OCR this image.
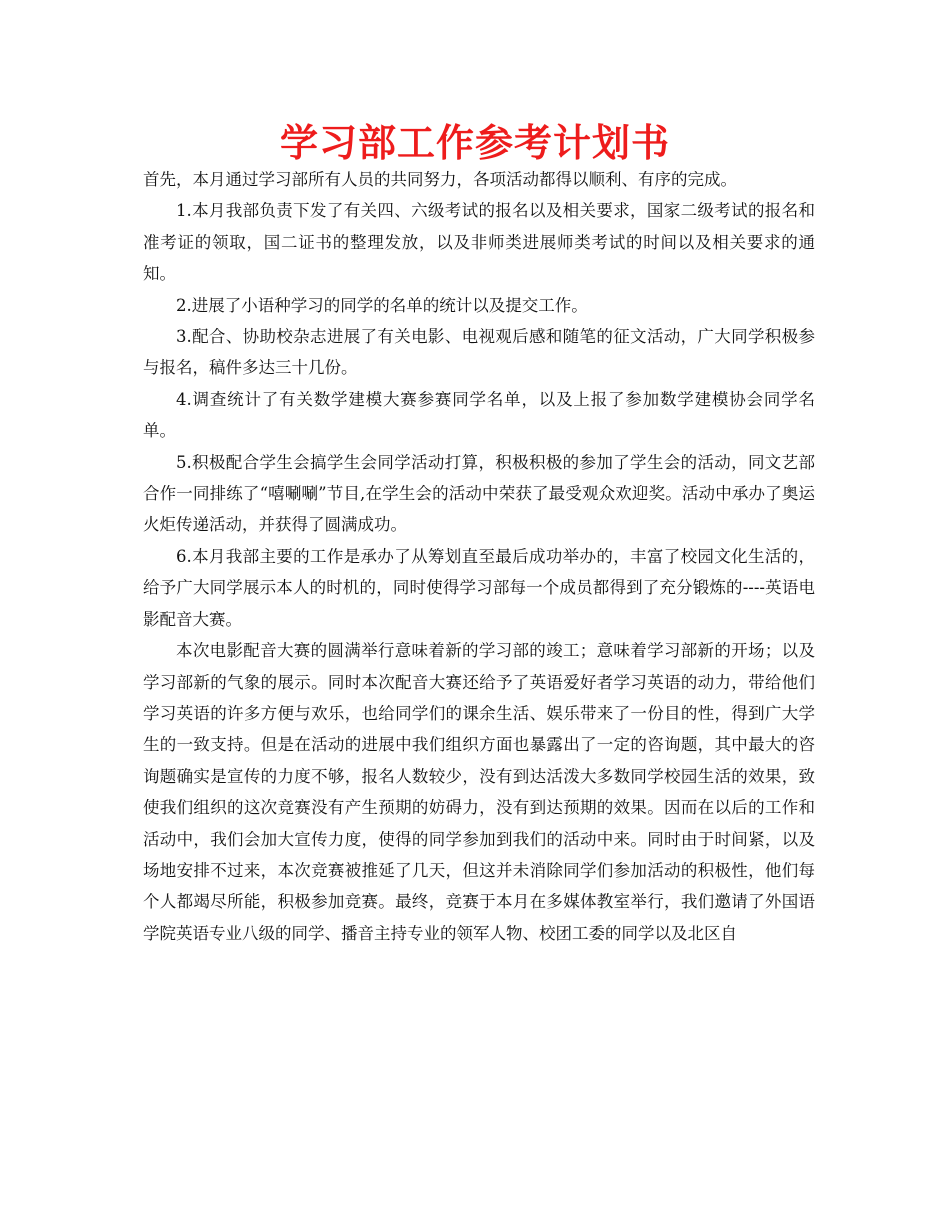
学习部工作参考计划书

首先，本月通过学习部所有人员的共同努力，各项活动都得以顺利、有序的完成。

1.本月我部负责下发了有关四、六级考试的报名以及相关要求，国家二级考试的报名和准考证的领取，国二证书的整理发放，以及非师类进展师类考试的时间以及相关要求的通知。

2.进展了小语种学习的同学的名单的统计以及提交工作。

3.配合、协助校杂志进展了有关电影、电视观后感和随笔的征文活动，广大同学积极参与报名，稿件多达三十几份。

4.调查统计了有关数学建模大赛参赛同学名单，以及上报了参加数学建模协会同学名单。

5.积极配合学生会搞学生会同学活动打算，积极积极的参加了学生会的活动，同文艺部合作一同排练了“嘻唰唰”节目,在学生会的活动中荣获了最受观众欢迎奖。活动中承办了奥运火炬传递活动，并获得了圆满成功。

6.本月我部主要的工作是承办了从筹划直至最后成功举办的，丰富了校园文化生活的，给予广大同学展示本人的时机的，同时使得学习部每一个成员都得到了充分锻炼的----英语电影配音大赛。

本次电影配音大赛的圆满举行意味着新的学习部的竣工；意味着学习部新的开场；以及学习部新的气象的展示。同时本次配音大赛还给予了英语爱好者学习英语的动力，带给他们学习英语的许多方便与欢乐，也给同学们的课余生活、娱乐带来了一份目的性，得到广大学生的一致支持。但是在活动的进展中我们组织方面也暴露出了一定的咨询题，其中最大的咨询题确实是宣传的力度不够，报名人数较少，没有到达活泼大多数同学校园生活的效果，致使我们组织的这次竞赛没有产生预期的妨碍力，没有到达预期的效果。因而在以后的工作和活动中，我们会加大宣传力度，使得的同学参加到我们的活动中来。同时由于时间紧，以及场地安排不过来，本次竞赛被推延了几天，但这并未消除同学们参加活动的积极性，他们每个人都竭尽所能，积极参加竞赛。最终，竞赛于本月在多媒体教室举行，我们邀请了外国语学院英语专业八级的同学、播音主持专业的领军人物、校团工委的同学以及北区自
